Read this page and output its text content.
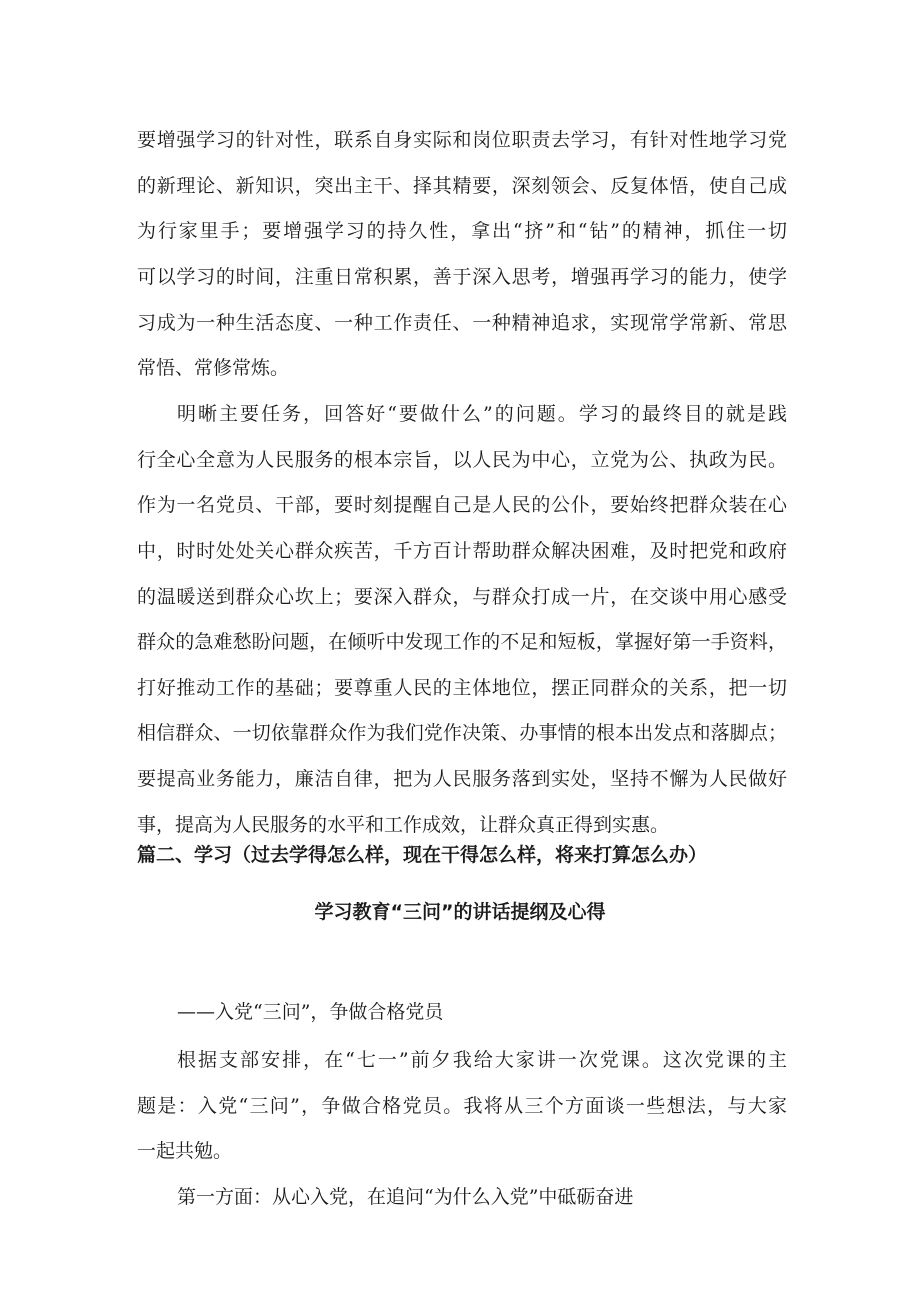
要增强学习的针对性，联系自身实际和岗位职责去学习，有针对性地学习党
的新理论、新知识，突出主干、择其精要，深刻领会、反复体悟，使自己成
为行家里手；要增强学习的持久性，拿出“挤”和“钻”的精神，抓住一切
可以学习的时间，注重日常积累，善于深入思考，增强再学习的能力，使学
习成为一种生活态度、一种工作责任、一种精神追求，实现常学常新、常思
常悟、常修常炼。
明晰主要任务，回答好“要做什么”的问题。学习的最终目的就是践
行全心全意为人民服务的根本宗旨，以人民为中心，立党为公、执政为民。
作为一名党员、干部，要时刻提醒自己是人民的公仆，要始终把群众装在心
中，时时处处关心群众疾苦，千方百计帮助群众解决困难，及时把党和政府
的温暖送到群众心坎上；要深入群众，与群众打成一片，在交谈中用心感受
群众的急难愁盼问题，在倾听中发现工作的不足和短板，掌握好第一手资料，
打好推动工作的基础；要尊重人民的主体地位，摆正同群众的关系，把一切
相信群众、一切依靠群众作为我们党作决策、办事情的根本出发点和落脚点；
要提高业务能力，廉洁自律，把为人民服务落到实处，坚持不懈为人民做好
事，提高为人民服务的水平和工作成效，让群众真正得到实惠。
篇二、学习（过去学得怎么样，现在干得怎么样，将来打算怎么办）
学习教育“三问”的讲话提纲及心得
——入党“三问”，争做合格党员
根据支部安排，在“七一”前夕我给大家讲一次党课。这次党课的主
题是：入党“三问”，争做合格党员。我将从三个方面谈一些想法，与大家
一起共勉。
第一方面：从心入党，在追问“为什么入党”中砥砺奋进
